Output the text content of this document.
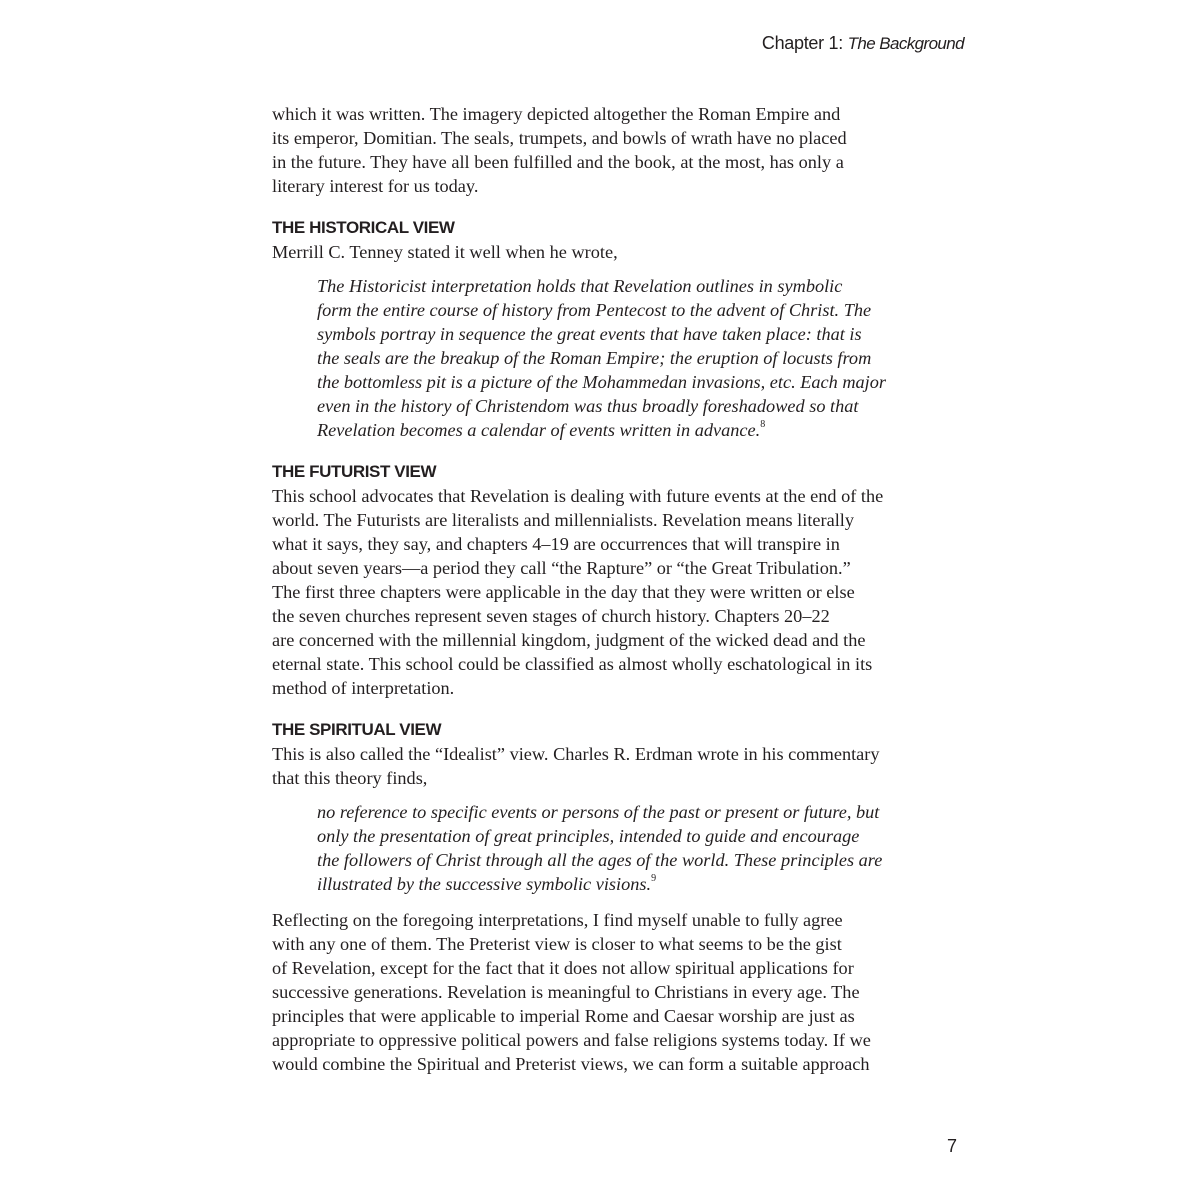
Chapter 1: The Background

which it was written. The imagery depicted altogether the Roman Empire and
its emperor, Domitian. The seals, trumpets, and bowls of wrath have no placed
in the future. They have all been fulfilled and the book, at the most, has only a
literary interest for us today.

THE HISTORICAL VIEW

Merrill C. Tenney stated it well when he wrote,

The Historicist interpretation holds that Revelation outlines in symbolic
form the entire course of history from Pentecost to the advent of Christ. The
symbols portray in sequence the great events that have taken place: that is
the seals are the breakup of the Roman Empire; the eruption of locusts from
the bottomless pit is a picture of the Mohammedan invasions, etc. Each major
even in the history of Christendom was thus broadly foreshadowed so that
Revelation becomes a calendar of events written in advance.$^8$
THE FUTURIST VIEW

This school advocates that Revelation is dealing with future events at the end of the
world. The Futurists are literalists and millennialists. Revelation means literally
what it says, they say, and chapters 4–19 are occurrences that will transpire in
about seven years—a period they call “the Rapture” or “the Great Tribulation.”
The first three chapters were applicable in the day that they were written or else
the seven churches represent seven stages of church history. Chapters 20–22
are concerned with the millennial kingdom, judgment of the wicked dead and the
eternal state. This school could be classified as almost wholly eschatological in its
method of interpretation.

THE SPIRITUAL VIEW

This is also called the “Idealist” view. Charles R. Erdman wrote in his commentary
that this theory finds,

no reference to specific events or persons of the past or present or future, but
only the presentation of great principles, intended to guide and encourage
the followers of Christ through all the ages of the world. These principles are
illustrated by the successive symbolic visions.$^9$

Reflecting on the foregoing interpretations, I find myself unable to fully agree
with any one of them. The Preterist view is closer to what seems to be the gist
of Revelation, except for the fact that it does not allow spiritual applications for
successive generations. Revelation is meaningful to Christians in every age. The
principles that were applicable to imperial Rome and Caesar worship are just as
appropriate to oppressive political powers and false religions systems today. If we
would combine the Spiritual and Preterist views, we can form a suitable approach

7
